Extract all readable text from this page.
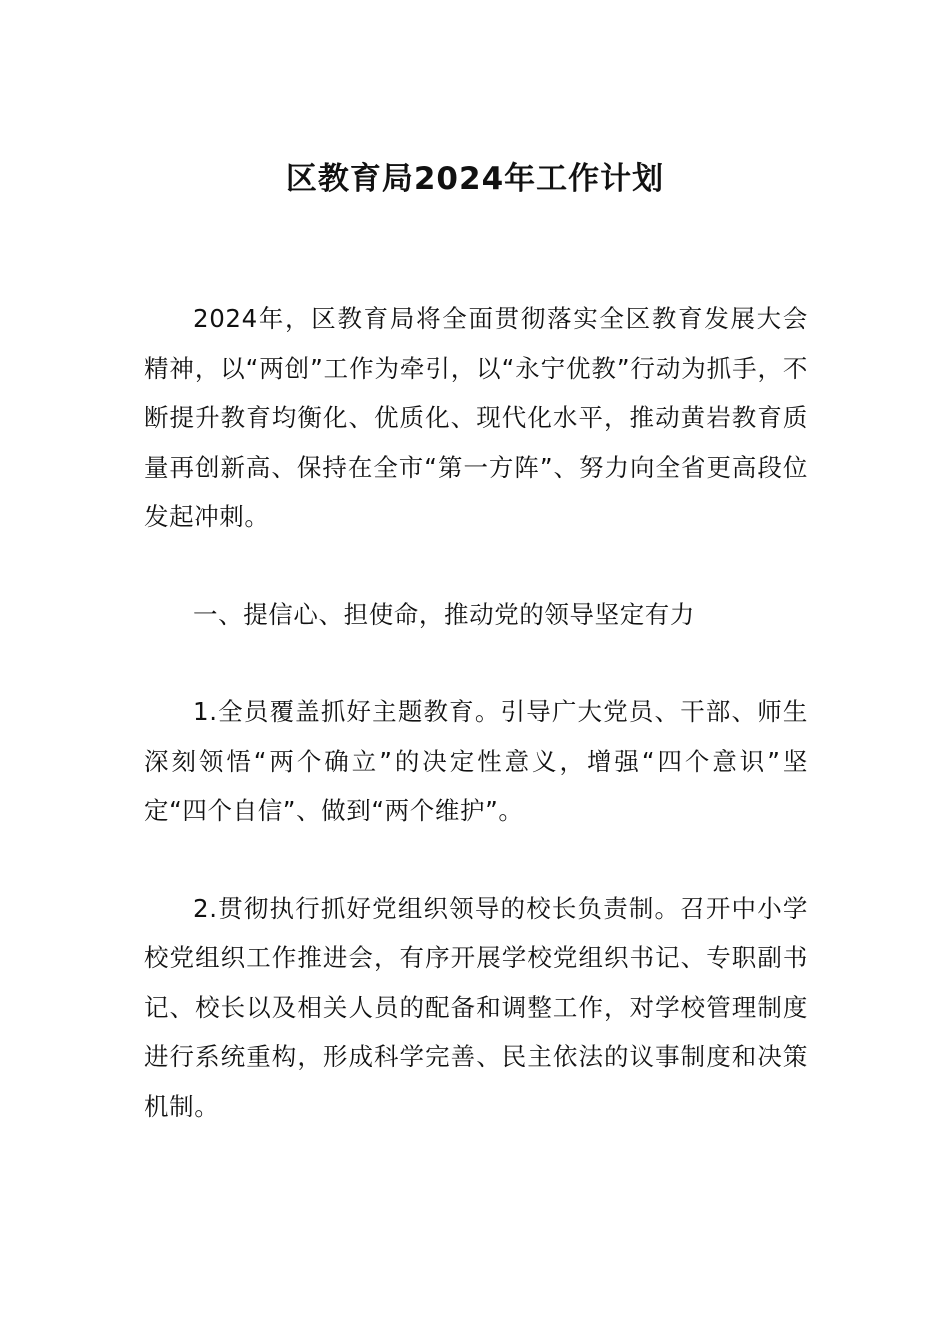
区教育局2024年工作计划

2024年，区教育局将全面贯彻落实全区教育发展大会精神，以“两创”工作为牵引，以“永宁优教”行动为抓手，不断提升教育均衡化、优质化、现代化水平，推动黄岩教育质量再创新高、保持在全市“第一方阵”、努力向全省更高段位发起冲刺。

一、提信心、担使命，推动党的领导坚定有力

1.全员覆盖抓好主题教育。引导广大党员、干部、师生深刻领悟“两个确立”的决定性意义，增强“四个意识”坚定“四个自信”、做到“两个维护”。

2.贯彻执行抓好党组织领导的校长负责制。召开中小学校党组织工作推进会，有序开展学校党组织书记、专职副书记、校长以及相关人员的配备和调整工作，对学校管理制度进行系统重构，形成科学完善、民主依法的议事制度和决策机制。
